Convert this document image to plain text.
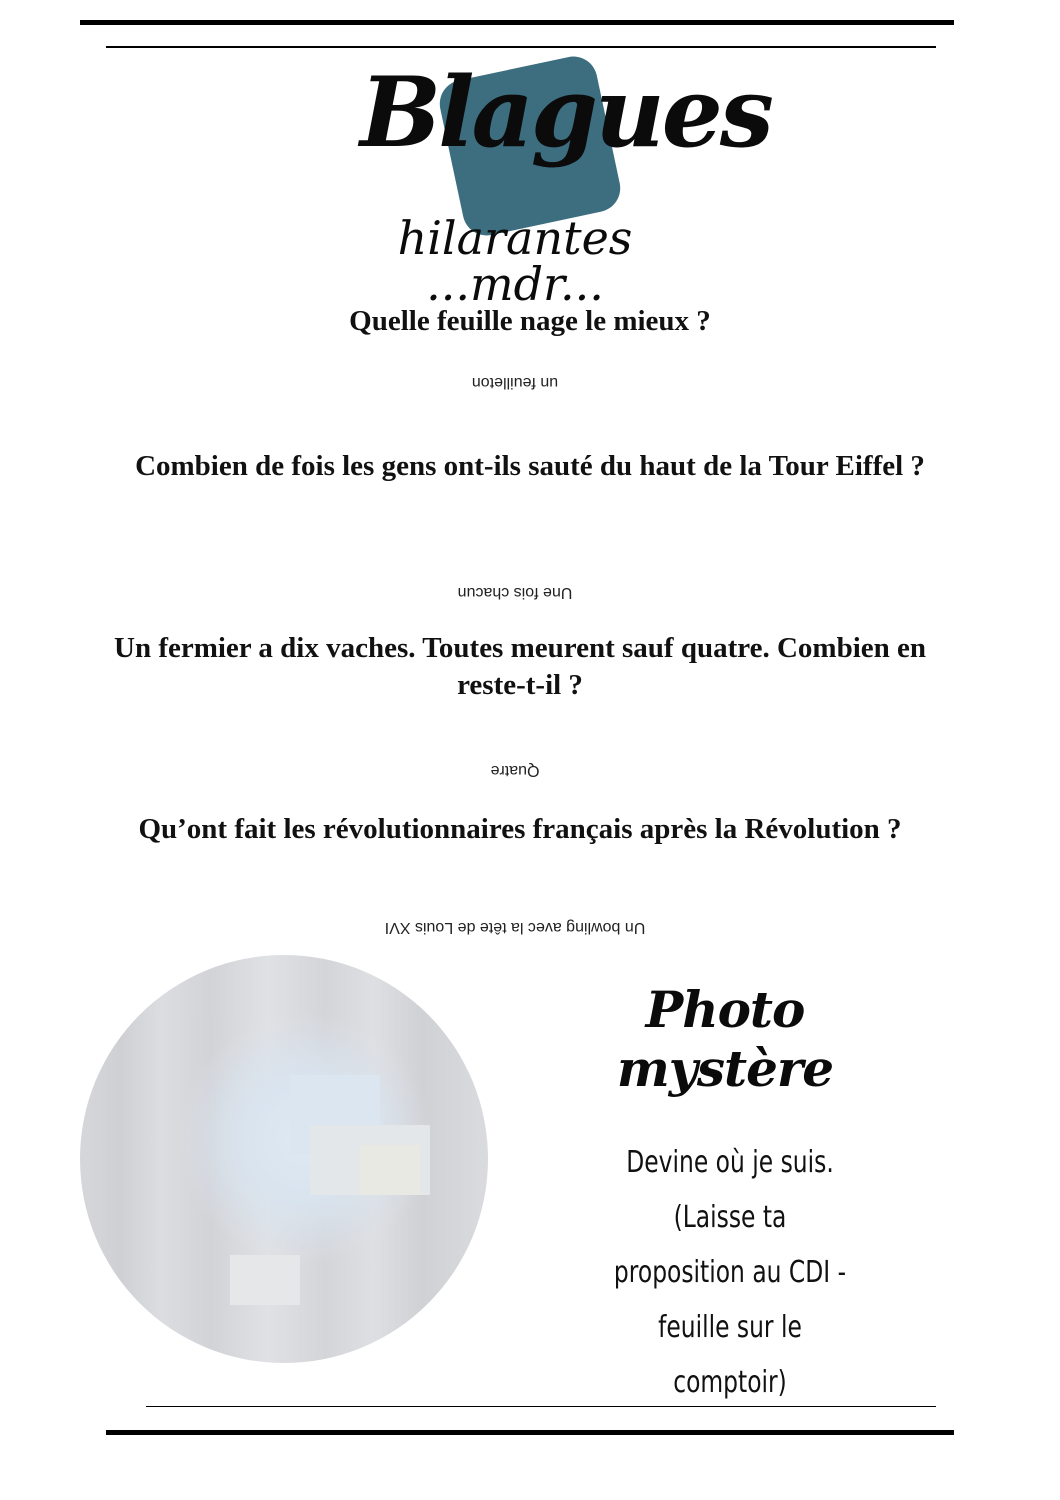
Blagues
hilarantes ...mdr...
Quelle feuille nage le mieux ?
un feuilleton
Combien de fois les gens ont-ils sauté du haut de la Tour Eiffel ?
Une fois chacun
Un fermier a dix vaches. Toutes meurent sauf quatre. Combien en reste-t-il ?
Quatre
Qu’ont fait les révolutionnaires français après la Révolution ?
Un bowling avec la tête de Louis XVI
Photo mystère
Devine où je suis. (Laisse ta proposition au CDI -feuille sur le comptoir)
